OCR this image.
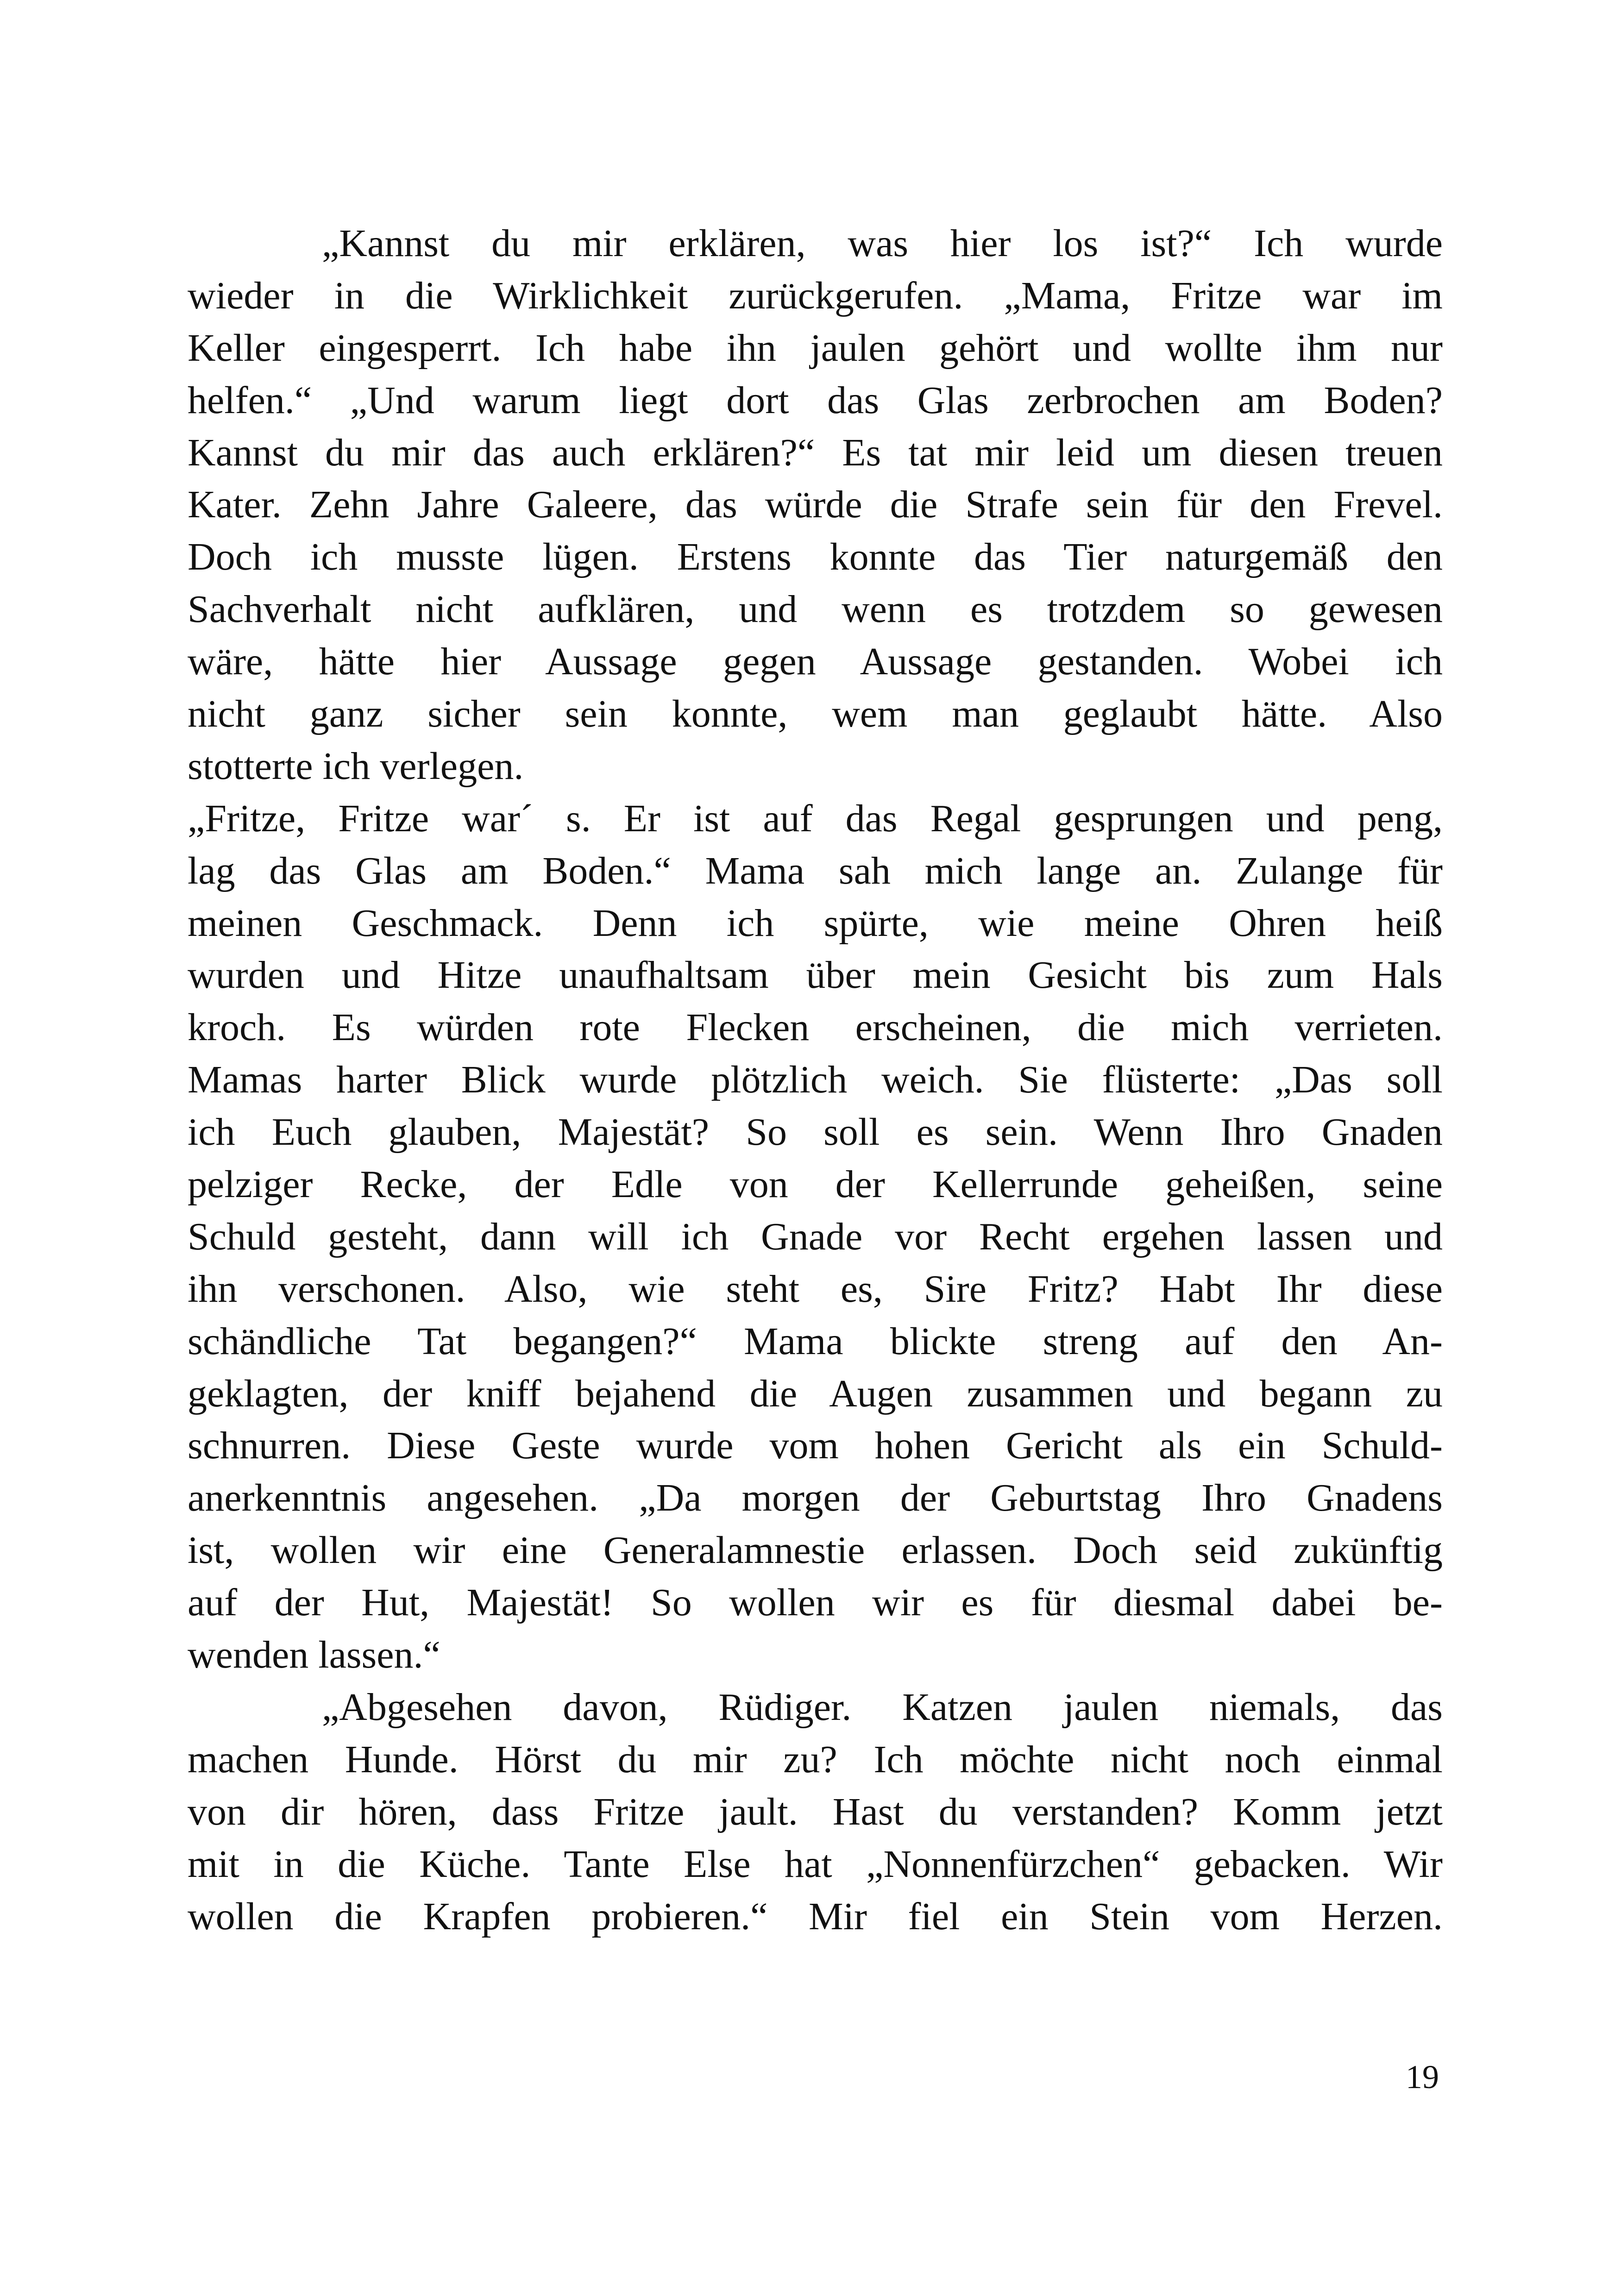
„Kannst du mir erklären, was hier los ist?“ Ich wurde
wieder in die Wirklichkeit zurückgerufen. „Mama, Fritze war im
Keller eingesperrt. Ich habe ihn jaulen gehört und wollte ihm nur
helfen.“ „Und warum liegt dort das Glas zerbrochen am Boden?
Kannst du mir das auch erklären?“ Es tat mir leid um diesen treuen
Kater. Zehn Jahre Galeere, das würde die Strafe sein für den Frevel.
Doch ich musste lügen. Erstens konnte das Tier naturgemäß den
Sachverhalt nicht aufklären, und wenn es trotzdem so gewesen
wäre, hätte hier Aussage gegen Aussage gestanden. Wobei ich
nicht ganz sicher sein konnte, wem man geglaubt hätte. Also
stotterte ich verlegen.
„Fritze, Fritze war´ s. Er ist auf das Regal gesprungen und peng,
lag das Glas am Boden.“ Mama sah mich lange an. Zulange für
meinen Geschmack. Denn ich spürte, wie meine Ohren heiß
wurden und Hitze unaufhaltsam über mein Gesicht bis zum Hals
kroch. Es würden rote Flecken erscheinen, die mich verrieten.
Mamas harter Blick wurde plötzlich weich. Sie flüsterte: „Das soll
ich Euch glauben, Majestät? So soll es sein. Wenn Ihro Gnaden
pelziger Recke, der Edle von der Kellerrunde geheißen, seine
Schuld gesteht, dann will ich Gnade vor Recht ergehen lassen und
ihn verschonen. Also, wie steht es, Sire Fritz? Habt Ihr diese
schändliche Tat begangen?“ Mama blickte streng auf den An-
geklagten, der kniff bejahend die Augen zusammen und begann zu
schnurren. Diese Geste wurde vom hohen Gericht als ein Schuld-
anerkenntnis angesehen. „Da morgen der Geburtstag Ihro Gnadens
ist, wollen wir eine Generalamnestie erlassen. Doch seid zukünftig
auf der Hut, Majestät! So wollen wir es für diesmal dabei be-
wenden lassen.“
„Abgesehen davon, Rüdiger. Katzen jaulen niemals, das
machen Hunde. Hörst du mir zu? Ich möchte nicht noch einmal
von dir hören, dass Fritze jault. Hast du verstanden? Komm jetzt
mit in die Küche. Tante Else hat „Nonnenfürzchen“ gebacken. Wir
wollen die Krapfen probieren.“ Mir fiel ein Stein vom Herzen.
19
